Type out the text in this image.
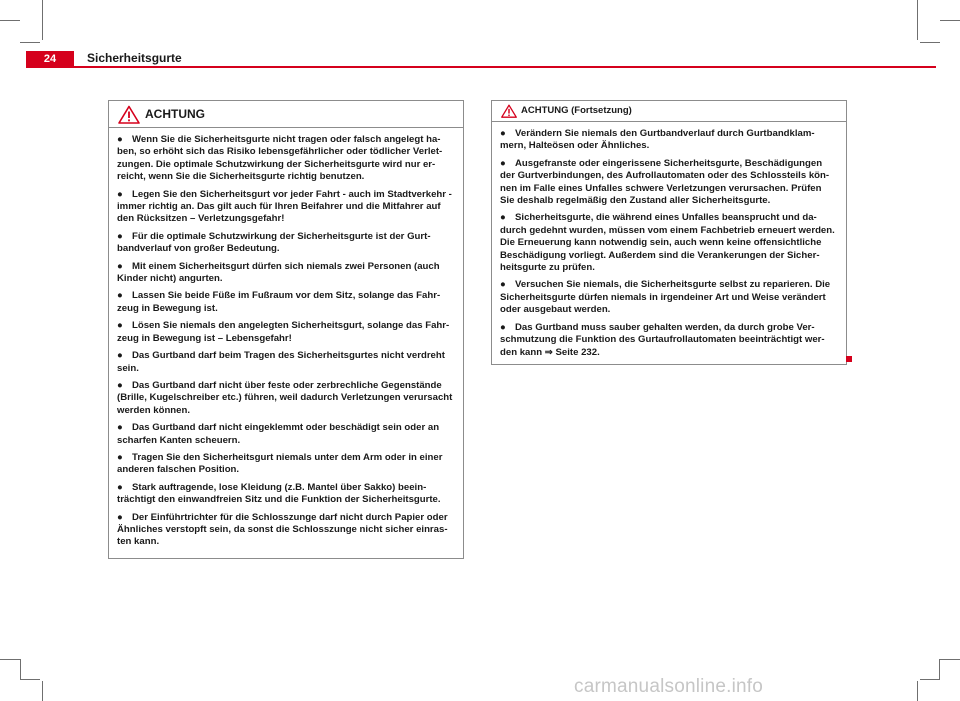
24	Sicherheitsgurte
ACHTUNG

● Wenn Sie die Sicherheitsgurte nicht tragen oder falsch angelegt ha-ben, so erhöht sich das Risiko lebensgefährlicher oder tödlicher Verlet-zungen. Die optimale Schutzwirkung der Sicherheitsgurte wird nur er-reicht, wenn Sie die Sicherheitsgurte richtig benutzen.

● Legen Sie den Sicherheitsgurt vor jeder Fahrt - auch im Stadtverkehr - immer richtig an. Das gilt auch für Ihren Beifahrer und die Mitfahrer auf den Rücksitzen – Verletzungsgefahr!

● Für die optimale Schutzwirkung der Sicherheitsgurte ist der Gurt-bandverlauf von großer Bedeutung.

● Mit einem Sicherheitsgurt dürfen sich niemals zwei Personen (auch Kinder nicht) angurten.

● Lassen Sie beide Füße im Fußraum vor dem Sitz, solange das Fahr-zeug in Bewegung ist.

● Lösen Sie niemals den angelegten Sicherheitsgurt, solange das Fahr-zeug in Bewegung ist – Lebensgefahr!

● Das Gurtband darf beim Tragen des Sicherheitsgurtes nicht verdreht sein.

● Das Gurtband darf nicht über feste oder zerbrechliche Gegenstände (Brille, Kugelschreiber etc.) führen, weil dadurch Verletzungen verursacht werden können.

● Das Gurtband darf nicht eingeklemmt oder beschädigt sein oder an scharfen Kanten scheuern.

● Tragen Sie den Sicherheitsgurt niemals unter dem Arm oder in einer anderen falschen Position.

● Stark auftragende, lose Kleidung (z.B. Mantel über Sakko) beein-trächtigt den einwandfreien Sitz und die Funktion der Sicherheitsgurte.

● Der Einführtrichter für die Schlosszunge darf nicht durch Papier oder Ähnliches verstopft sein, da sonst die Schlosszunge nicht sicher einras-ten kann.

ACHTUNG (Fortsetzung)

● Verändern Sie niemals den Gurtbandverlauf durch Gurtbandklam-mern, Halteösen oder Ähnliches.

● Ausgefranste oder eingerissene Sicherheitsgurte, Beschädigungen der Gurtverbindungen, des Aufrollautomaten oder des Schlossteils kön-nen im Falle eines Unfalles schwere Verletzungen verursachen. Prüfen Sie deshalb regelmäßig den Zustand aller Sicherheitsgurte.

● Sicherheitsgurte, die während eines Unfalles beansprucht und da-durch gedehnt wurden, müssen vom einem Fachbetrieb erneuert werden. Die Erneuerung kann notwendig sein, auch wenn keine offensichtliche Beschädigung vorliegt. Außerdem sind die Verankerungen der Sicher-heitsgurte zu prüfen.

● Versuchen Sie niemals, die Sicherheitsgurte selbst zu reparieren. Die Sicherheitsgurte dürfen niemals in irgendeiner Art und Weise verändert oder ausgebaut werden.

● Das Gurtband muss sauber gehalten werden, da durch grobe Ver-schmutzung die Funktion des Gurtaufrollautomaten beeinträchtigt wer-den kann ⇒ Seite 232.

carmanualsonline.info
